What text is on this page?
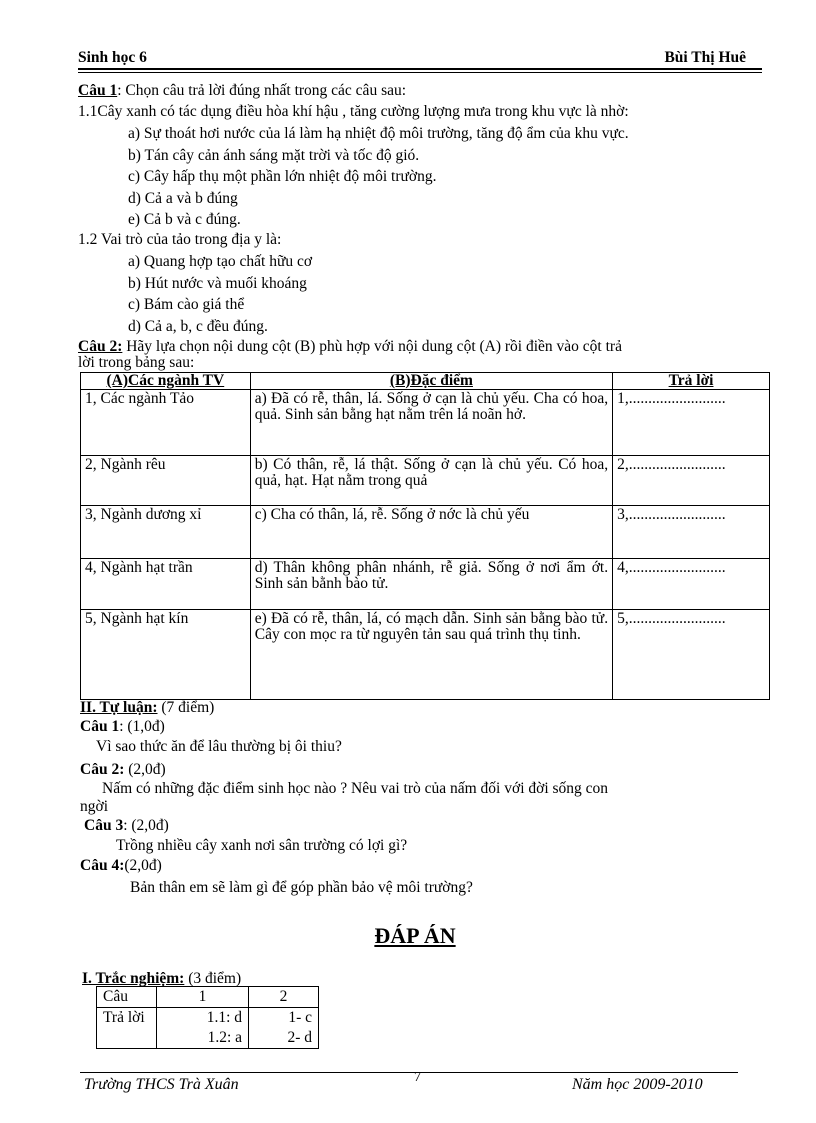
Sinh học 6	Bùi Thị Huê
Câu 1: Chọn câu trả lời đúng nhất trong các câu sau:
1.1Cây xanh có tác dụng điều hòa khí hậu , tăng cường lượng mưa trong khu vực là nhờ:
a) Sự thoát hơi nước của lá làm hạ nhiệt độ môi trường, tăng độ ẩm của khu vực.
b) Tán cây cản ánh sáng mặt trời và tốc độ gió.
c) Cây hấp thụ một phần lớn nhiệt độ môi trường.
d) Cả a và b đúng
e) Cả b và c đúng.
1.2 Vai trò của tảo trong địa y là:
a) Quang hợp tạo chất hữu cơ
b) Hút nước và muối khoáng
c) Bám cào giá thể
d) Cả a, b, c đều đúng.
Câu 2: Hãy lựa chọn nội dung cột (B) phù hợp với nội dung cột (A) rồi điền vào cột trả
lời trong bảng sau:
(A)Các ngành TV	(B)Đặc điểm	Trả lời
1, Các ngành Tảo	a) Đã có rễ, thân, lá. Sống ở cạn là chủ yếu. Cha có hoa, quả. Sinh sản bằng hạt nằm trên lá noãn hở.	1,.........................
2, Ngành rêu	b) Có thân, rễ, lá thật. Sống ở cạn là chủ yếu. Có hoa, quả, hạt. Hạt nằm trong quả	2,.........................
3, Ngành dương xỉ	c) Cha có thân, lá, rễ. Sống ở nớc là chủ yếu	3,.........................
4, Ngành hạt trần	d) Thân không phân nhánh, rễ giả. Sống ở nơi ẩm ớt. Sinh sản bằnh bào tử.	4,.........................
5, Ngành hạt kín	e) Đã có rễ, thân, lá, có mạch dẫn. Sinh sản bằng bào tử. Cây con mọc ra từ nguyên tản sau quá trình thụ tinh.	5,.........................
II. Tự luận: (7 điểm)
Câu 1: (1,0đ)
Vì sao thức ăn để lâu thường bị ôi thiu?
Câu 2: (2,0đ)
Nấm có những đặc điểm sinh học nào ? Nêu vai trò của nấm đối với đời sống con
ngời
Câu 3: (2,0đ)
Trồng nhiều cây xanh nơi sân trường có lợi gì?
Câu 4:(2,0đ)
Bản thân em sẽ làm gì để góp phần bảo vệ môi trường?
ĐÁP ÁN
I. Trắc nghiệm: (3 điểm)
Câu	1	2
Trả lời	1.1: d	1- c
	1.2: a	2- d
Trường THCS Trà Xuân	7	Năm học 2009-2010
